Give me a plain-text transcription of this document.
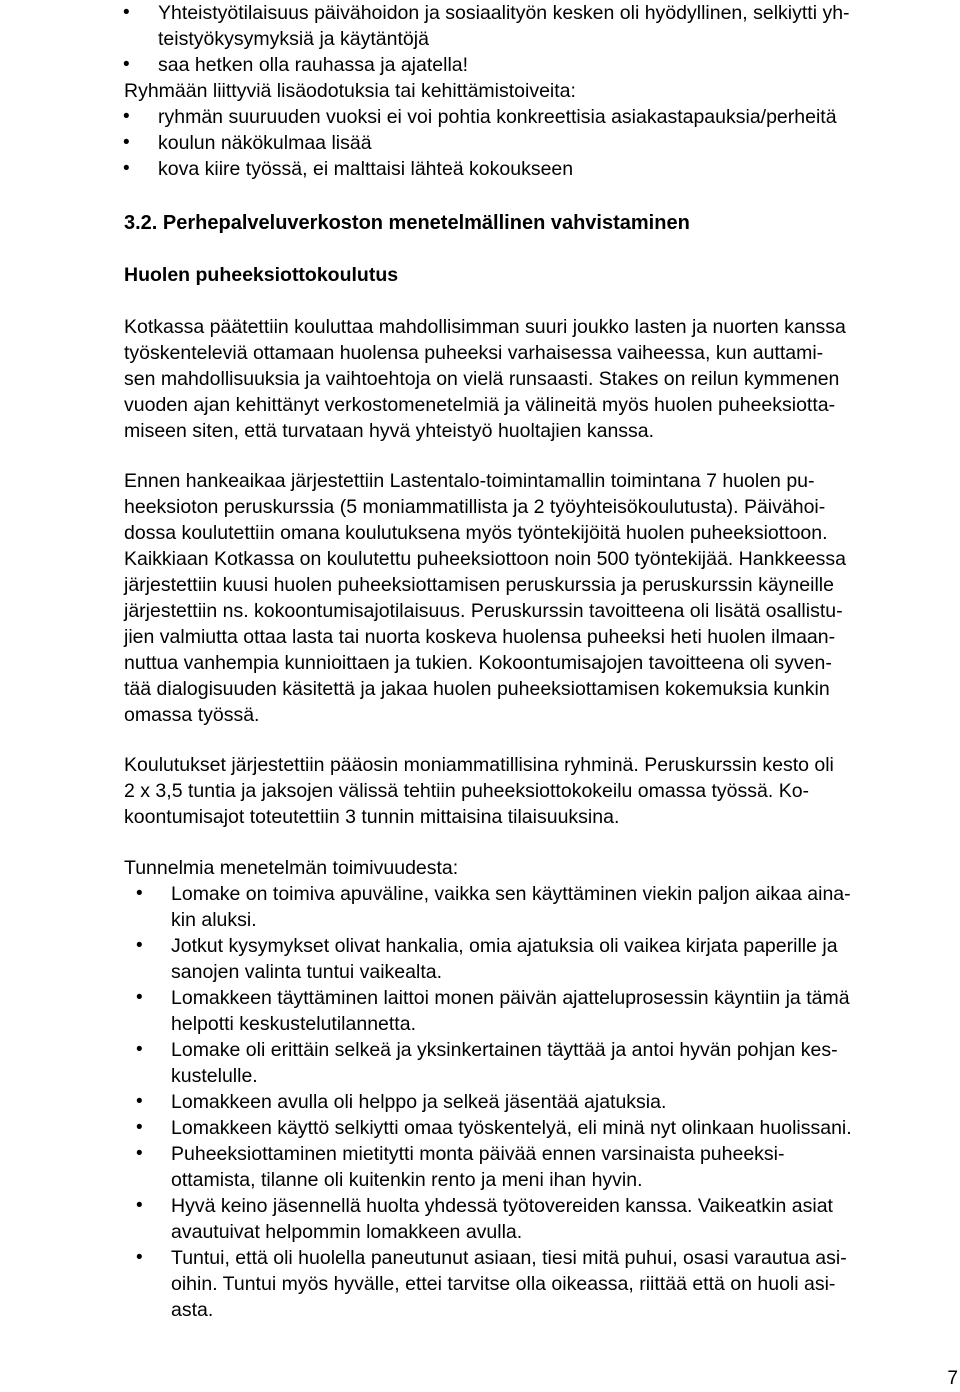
• Yhteistyötilaisuus päivähoidon ja sosiaalityön kesken oli hyödyllinen, selkiytti yh-
teistyökysymyksiä ja käytäntöjä
• saa hetken olla rauhassa ja ajatella!
Ryhmään liittyviä lisäodotuksia tai kehittämistoiveita:
• ryhmän suuruuden vuoksi ei voi pohtia konkreettisia asiakastapauksia/perheitä
• koulun näkökulmaa lisää
• kova kiire työssä, ei malttaisi lähteä kokoukseen
3.2. Perhepalveluverkoston menetelmällinen vahvistaminen
Huolen puheeksiottokoulutus
Kotkassa päätettiin kouluttaa mahdollisimman suuri joukko lasten ja nuorten kanssa
työskenteleviä ottamaan huolensa puheeksi varhaisessa vaiheessa, kun auttami-
sen mahdollisuuksia ja vaihtoehtoja on vielä runsaasti. Stakes on reilun kymmenen
vuoden ajan kehittänyt verkostomenetelmiä ja välineitä myös huolen puheeksiotta-
miseen siten, että turvataan hyvä yhteistyö huoltajien kanssa.
Ennen hankeaikaa järjestettiin Lastentalo-toimintamallin toimintana 7 huolen pu-
heeksioton peruskurssia (5 moniammatillista ja 2 työyhteisökoulutusta). Päivähoi-
dossa koulutettiin omana koulutuksena myös työntekijöitä huolen puheeksiottoon.
Kaikkiaan Kotkassa on koulutettu puheeksiottoon noin 500 työntekijää. Hankkeessa
järjestettiin kuusi huolen puheeksiottamisen peruskurssia ja peruskurssin käyneille
järjestettiin ns. kokoontumisajotilaisuus. Peruskurssin tavoitteena oli lisätä osallistu-
jien valmiutta ottaa lasta tai nuorta koskeva huolensa puheeksi heti huolen ilmaan-
nuttua vanhempia kunnioittaen ja tukien. Kokoontumisajojen tavoitteena oli syven-
tää dialogisuuden käsitettä ja jakaa huolen puheeksiottamisen kokemuksia kunkin
omassa työssä.
Koulutukset järjestettiin pääosin moniammatillisina ryhminä. Peruskurssin kesto oli
2 x 3,5 tuntia ja jaksojen välissä tehtiin puheeksiottokokeilu omassa työssä. Ko-
koontumisajot toteutettiin 3 tunnin mittaisina tilaisuuksina.
Tunnelmia menetelmän toimivuudesta:
• Lomake on toimiva apuväline, vaikka sen käyttäminen viekin paljon aikaa aina-
kin aluksi.
• Jotkut kysymykset olivat hankalia, omia ajatuksia oli vaikea kirjata paperille ja
sanojen valinta tuntui vaikealta.
• Lomakkeen täyttäminen laittoi monen päivän ajatteluprosessin käyntiin ja tämä
helpotti keskustelutilannetta.
• Lomake oli erittäin selkeä ja yksinkertainen täyttää ja antoi hyvän pohjan kes-
kustelulle.
• Lomakkeen avulla oli helppo ja selkeä jäsentää ajatuksia.
• Lomakkeen käyttö selkiytti omaa työskentelyä, eli minä nyt olinkaan huolissani.
• Puheeksiottaminen mietitytti monta päivää ennen varsinaista puheeksi-
ottamista, tilanne oli kuitenkin rento ja meni ihan hyvin.
• Hyvä keino jäsennellä huolta yhdessä työtovereiden kanssa. Vaikeatkin asiat
avautuivat helpommin lomakkeen avulla.
• Tuntui, että oli huolella paneutunut asiaan, tiesi mitä puhui, osasi varautua asi-
oihin. Tuntui myös hyvälle, ettei tarvitse olla oikeassa, riittää että on huoli asi-
asta.
7
